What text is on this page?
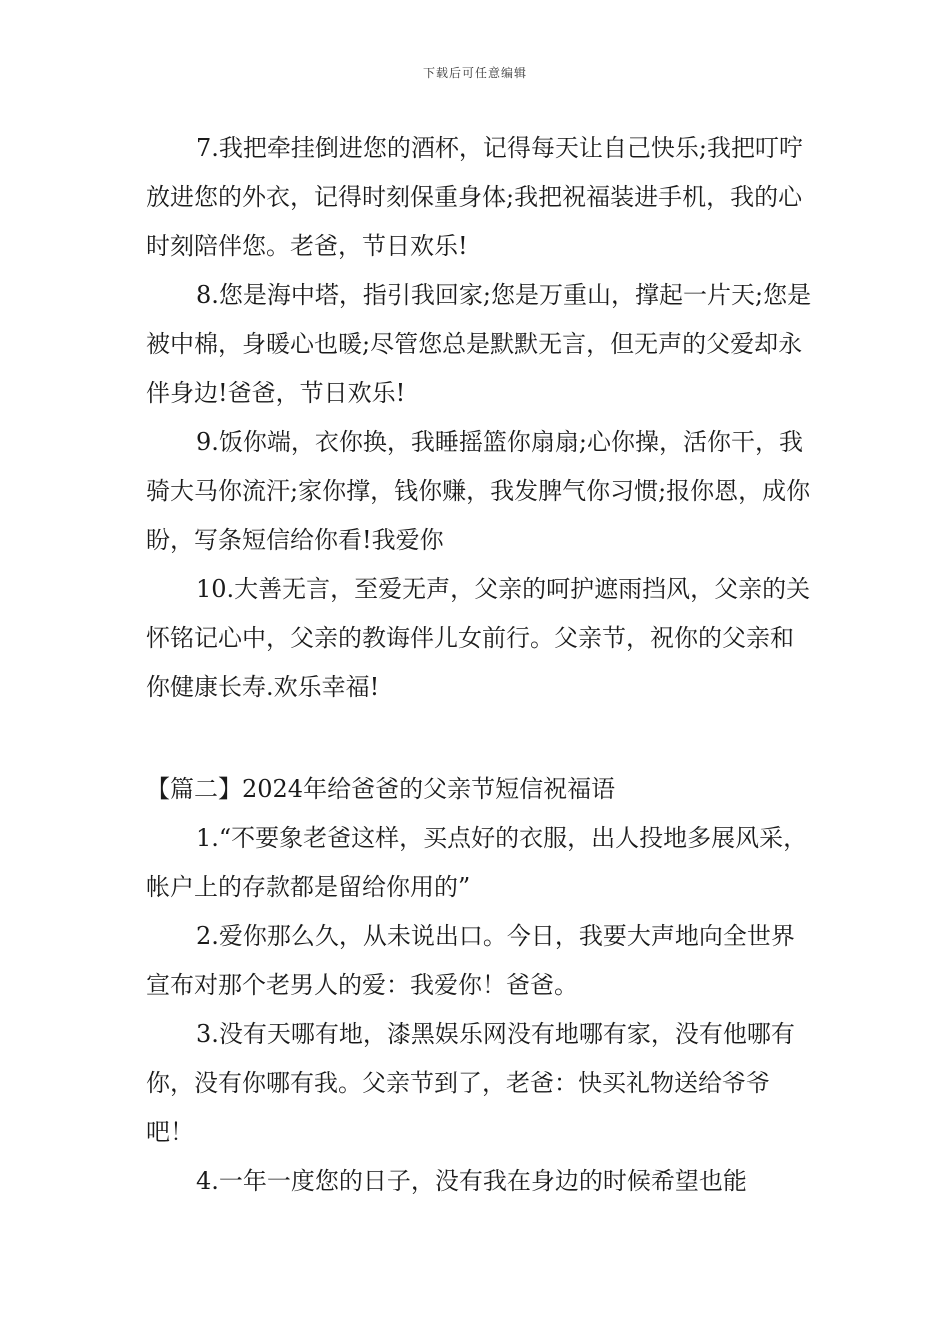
下载后可任意编辑

7.我把牵挂倒进您的酒杯，记得每天让自己快乐;我把叮咛放进您的外衣，记得时刻保重身体;我把祝福装进手机，我的心时刻陪伴您。老爸，节日欢乐!

8.您是海中塔，指引我回家;您是万重山，撑起一片天;您是被中棉，身暖心也暖;尽管您总是默默无言，但无声的父爱却永伴身边!爸爸，节日欢乐!

9.饭你端，衣你换，我睡摇篮你扇扇;心你操，活你干，我骑大马你流汗;家你撑，钱你赚，我发脾气你习惯;报你恩，成你盼，写条短信给你看!我爱你

10.大善无言，至爱无声，父亲的呵护遮雨挡风，父亲的关怀铭记心中，父亲的教诲伴儿女前行。父亲节，祝你的父亲和你健康长寿.欢乐幸福!

【篇二】2024年给爸爸的父亲节短信祝福语

1.“不要象老爸这样，买点好的衣服，出人投地多展风采，帐户上的存款都是留给你用的”

2.爱你那么久，从未说出口。今日，我要大声地向全世界宣布对那个老男人的爱：我爱你！爸爸。

3.没有天哪有地，漆黑娱乐网没有地哪有家，没有他哪有你，没有你哪有我。父亲节到了，老爸：快买礼物送给爷爷吧！

4.一年一度您的日子，没有我在身边的时候希望也能
